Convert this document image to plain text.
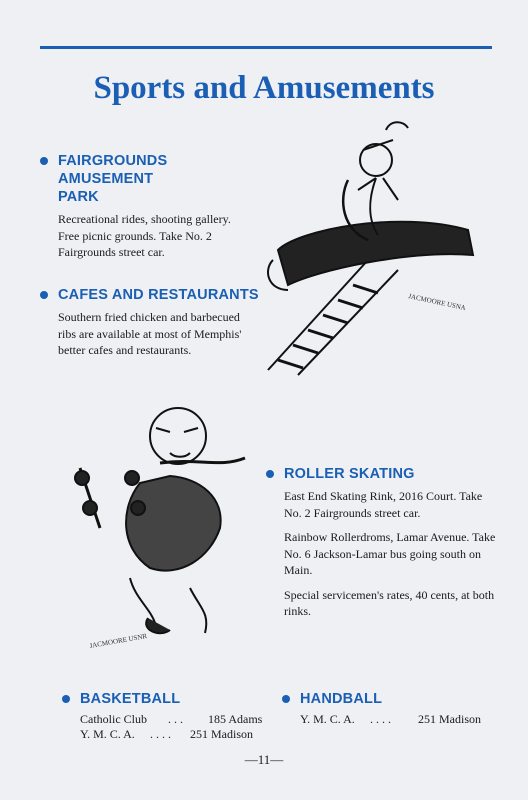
Sports and Amusements
FAIRGROUNDS AMUSEMENT
PARK
Recreational rides, shooting gallery. Free picnic grounds. Take No. 2 Fairgrounds street car.
CAFES AND RESTAURANTS
Southern fried chicken and barbecued ribs are available at most of Memphis' better cafes and restaurants.
JACMOORE USNA
JACMOORE USNR
ROLLER SKATING
East End Skating Rink, 2016 Court. Take No. 2 Fairgrounds street car.
Rainbow Rollerdroms, Lamar Avenue. Take No. 6 Jackson-Lamar bus going south on Main.
Special servicemen's rates, 40 cents, at both rinks.
BASKETBALL
Catholic Club	. . .	185 Adams
Y. M. C. A.	. . . .	251 Madison
HANDBALL
Y. M. C. A.	. . . .	251 Madison
—11—
